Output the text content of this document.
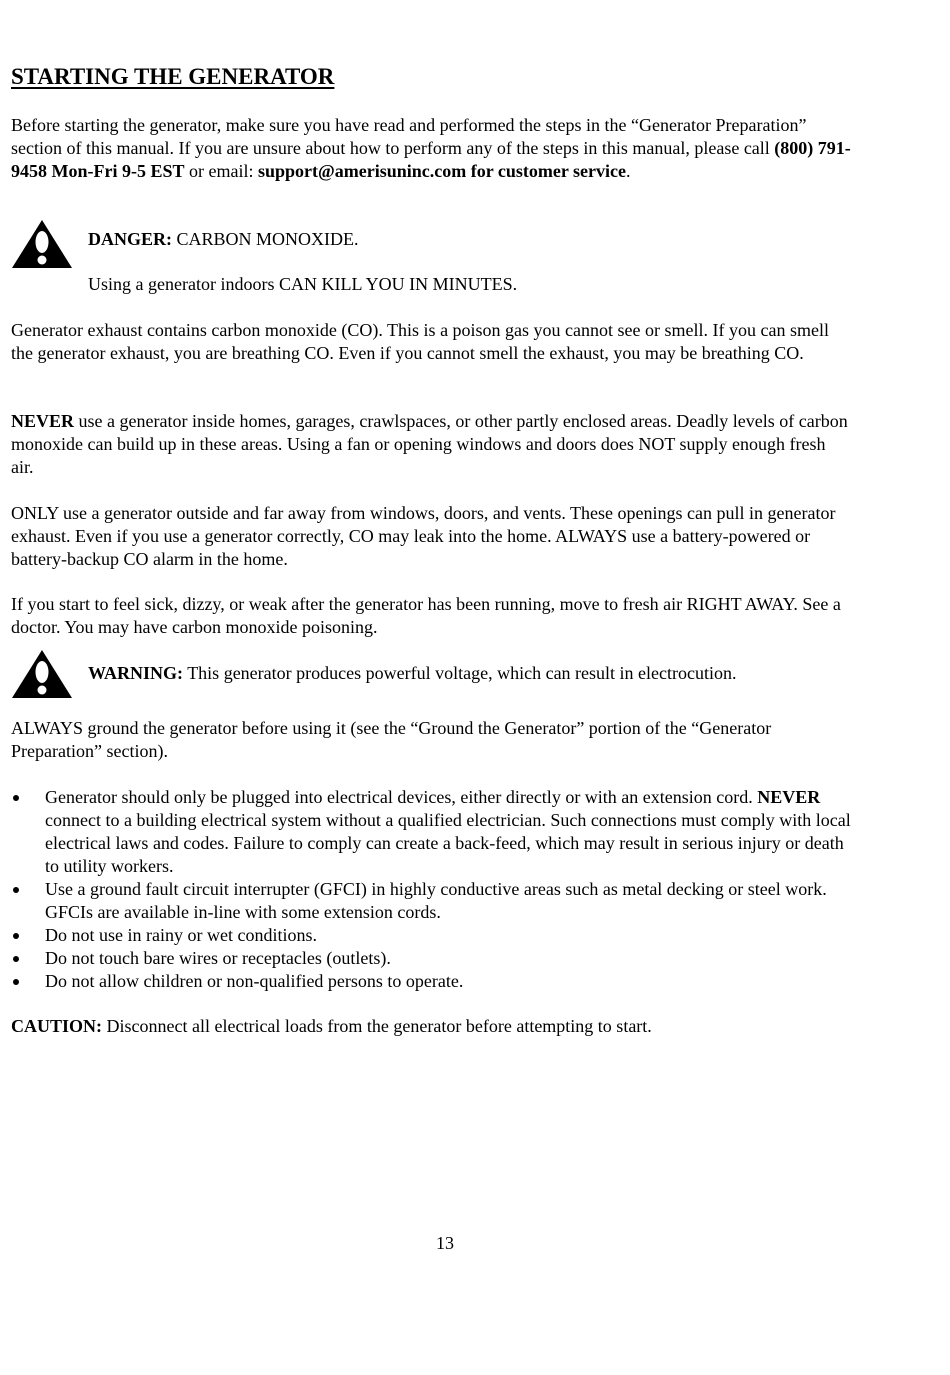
STARTING THE GENERATOR

Before starting the generator, make sure you have read and performed the steps in the “Generator Preparation” section of this manual. If you are unsure about how to perform any of the steps in this manual, please call (800) 791-9458 Mon-Fri 9-5 EST or email: support@amerisuninc.com for customer service.

DANGER: CARBON MONOXIDE.

Using a generator indoors CAN KILL YOU IN MINUTES.

Generator exhaust contains carbon monoxide (CO). This is a poison gas you cannot see or smell. If you can smell the generator exhaust, you are breathing CO. Even if you cannot smell the exhaust, you may be breathing CO.

NEVER use a generator inside homes, garages, crawlspaces, or other partly enclosed areas. Deadly levels of carbon monoxide can build up in these areas. Using a fan or opening windows and doors does NOT supply enough fresh air.

ONLY use a generator outside and far away from windows, doors, and vents. These openings can pull in generator exhaust. Even if you use a generator correctly, CO may leak into the home. ALWAYS use a battery-powered or battery-backup CO alarm in the home.

If you start to feel sick, dizzy, or weak after the generator has been running, move to fresh air RIGHT AWAY. See a doctor. You may have carbon monoxide poisoning.

WARNING: This generator produces powerful voltage, which can result in electrocution.

ALWAYS ground the generator before using it (see the “Ground the Generator” portion of the “Generator Preparation” section).

Generator should only be plugged into electrical devices, either directly or with an extension cord. NEVER connect to a building electrical system without a qualified electrician. Such connections must comply with local electrical laws and codes. Failure to comply can create a back-feed, which may result in serious injury or death to utility workers.
Use a ground fault circuit interrupter (GFCI) in highly conductive areas such as metal decking or steel work. GFCIs are available in-line with some extension cords.
Do not use in rainy or wet conditions.
Do not touch bare wires or receptacles (outlets).
Do not allow children or non-qualified persons to operate.

CAUTION: Disconnect all electrical loads from the generator before attempting to start.

13
